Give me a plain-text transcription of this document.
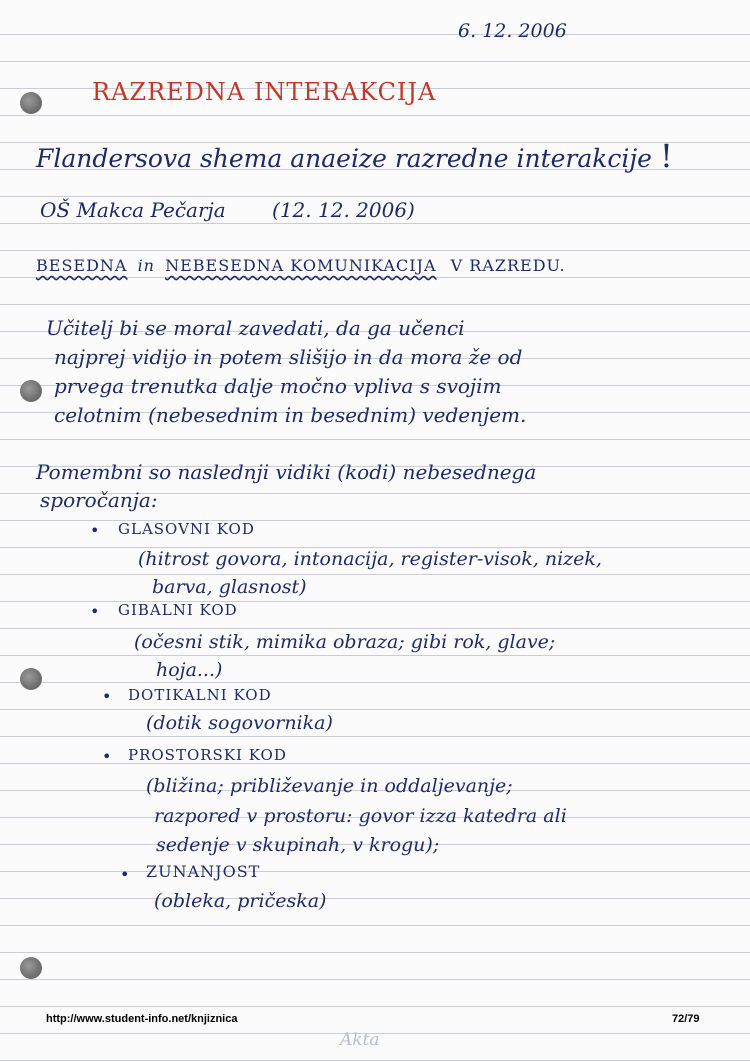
6. 12. 2006
RAZREDNA INTERAKCIJA
Flandersova shema anaeize razredne interakcije !
OŠ Makca Pečarja (12. 12. 2006)
BESEDNA in NEBESEDNA KOMUNIKACIJA V RAZREDU.
Učitelj bi se moral zavedati, da ga učenci
najprej vidijo in potem slišijo in da mora že od
prvega trenutka dalje močno vpliva s svojim
celotnim (nebesednim in besednim) vedenjem.
Pomembni so naslednji vidiki (kodi) nebesednega
sporočanja:
• GLASOVNI KOD
(hitrost govora, intonacija, register-visok, nizek,
barva, glasnost)
• GIBALNI KOD
(očesni stik, mimika obraza; gibi rok, glave;
hoja...)
• DOTIKALNI KOD
(dotik sogovornika)
• PROSTORSKI KOD
(bližina; približevanje in oddaljevanje;
razpored v prostoru: govor izza katedra ali
sedenje v skupinah, v krogu);
• ZUNANJOST
(obleka, pričeska)
http://www.student-info.net/knjiznica
Akta
72/79
